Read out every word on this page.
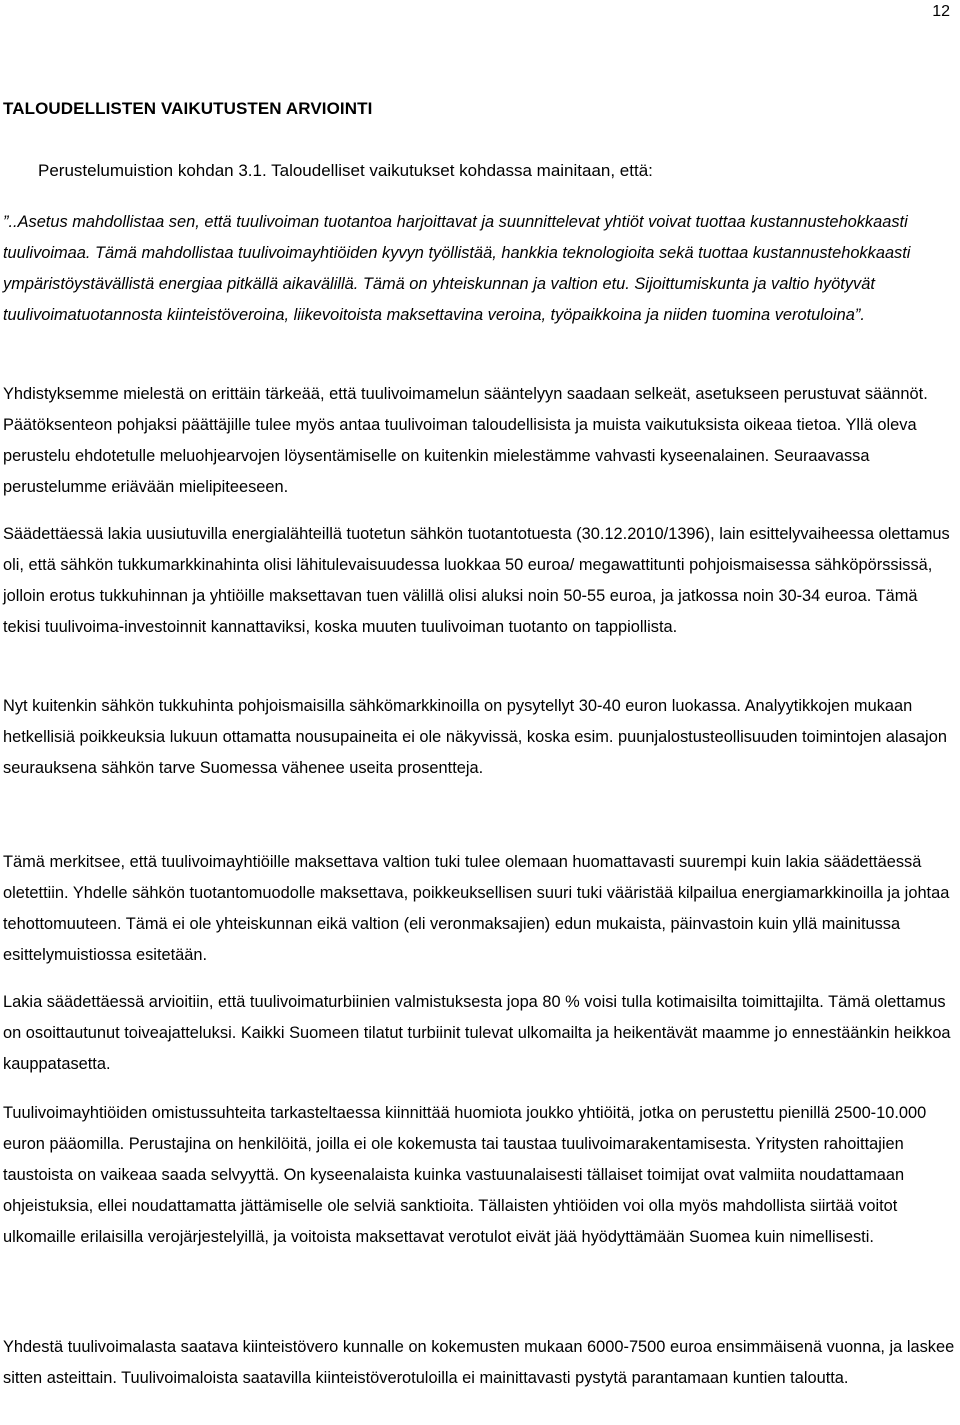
12
TALOUDELLISTEN VAIKUTUSTEN ARVIOINTI
Perustelumuistion kohdan 3.1. Taloudelliset vaikutukset kohdassa mainitaan, että:

”..Asetus mahdollistaa sen, että tuulivoiman tuotantoa harjoittavat ja suunnittelevat yhtiöt voivat tuottaa kustannustehokkaasti tuulivoimaa. Tämä mahdollistaa tuulivoimayhtiöiden kyvyn työllistää, hankkia teknologioita sekä tuottaa kustannustehokkaasti ympäristöystävällistä energiaa pitkällä aikavälillä. Tämä on yhteiskunnan ja valtion etu. Sijoittumiskunta ja valtio hyötyvät tuulivoimatuotannosta kiinteistöveroina, liikevoitoista maksettavina veroina, työpaikkoina ja niiden tuomina verotuloina”.

Yhdistyksemme mielestä on erittäin tärkeää, että tuulivoimamelun sääntelyyn saadaan selkeät, asetukseen perustuvat säännöt. Päätöksenteon pohjaksi päättäjille tulee myös antaa tuulivoiman taloudellisista ja muista vaikutuksista oikeaa tietoa. Yllä oleva perustelu ehdotetulle meluohjearvojen löysentämiselle on kuitenkin mielestämme vahvasti kyseenalainen. Seuraavassa perustelumme eriävään mielipiteeseen.

Säädettäessä lakia uusiutuvilla energialähteillä tuotetun sähkön tuotantotuesta (30.12.2010/1396), lain esittelyvaiheessa olettamus oli, että sähkön tukkumarkkinahinta olisi lähitulevaisuudessa luokkaa 50 euroa/ megawattitunti pohjoismaisessa sähköpörssissä, jolloin erotus tukkuhinnan ja yhtiöille maksettavan tuen välillä olisi aluksi noin 50-55 euroa, ja jatkossa noin 30-34 euroa. Tämä tekisi tuulivoima-investoinnit kannattaviksi, koska muuten tuulivoiman tuotanto on tappiollista.

Nyt kuitenkin sähkön tukkuhinta pohjoismaisilla sähkömarkkinoilla on pysytellyt 30-40 euron luokassa. Analyytikkojen mukaan hetkellisiä poikkeuksia lukuun ottamatta nousupaineita ei ole näkyvissä, koska esim. puunjalostusteollisuuden toimintojen alasajon seurauksena sähkön tarve Suomessa vähenee useita prosentteja.

Tämä merkitsee, että tuulivoimayhtiöille maksettava valtion tuki tulee olemaan huomattavasti suurempi kuin lakia säädettäessä oletettiin. Yhdelle sähkön tuotantomuodolle maksettava, poikkeuksellisen suuri tuki vääristää kilpailua energiamarkkinoilla ja johtaa tehottomuuteen. Tämä ei ole yhteiskunnan eikä valtion (eli veronmaksajien) edun mukaista, päinvastoin kuin yllä mainitussa esittelymuistiossa esitetään.

Lakia säädettäessä arvioitiin, että tuulivoimaturbiinien valmistuksesta jopa 80 % voisi tulla kotimaisilta toimittajilta. Tämä olettamus on osoittautunut toiveajatteluksi. Kaikki Suomeen tilatut turbiinit tulevat ulkomailta ja heikentävät maamme jo ennestäänkin heikkoa kauppatasetta.

Tuulivoimayhtiöiden omistussuhteita tarkasteltaessa kiinnittää huomiota joukko yhtiöitä, jotka on perustettu pienillä 2500-10.000 euron pääomilla. Perustajina on henkilöitä, joilla ei ole kokemusta tai taustaa tuulivoimarakentamisesta. Yritysten rahoittajien taustoista on vaikeaa saada selvyyttä. On kyseenalaista kuinka vastuunalaisesti tällaiset toimijat ovat valmiita noudattamaan ohjeistuksia, ellei noudattamatta jättämiselle ole selviä sanktioita. Tällaisten yhtiöiden voi olla myös mahdollista siirtää voitot ulkomaille erilaisilla verojärjestelyillä, ja voitoista maksettavat verotulot eivät jää hyödyttämään Suomea kuin nimellisesti.

Yhdestä tuulivoimalasta saatava kiinteistövero kunnalle on kokemusten mukaan 6000-7500 euroa ensimmäisenä vuonna, ja laskee sitten asteittain. Tuulivoimaloista saatavilla kiinteistöverotuloilla ei mainittavasti pystytä parantamaan kuntien taloutta.
